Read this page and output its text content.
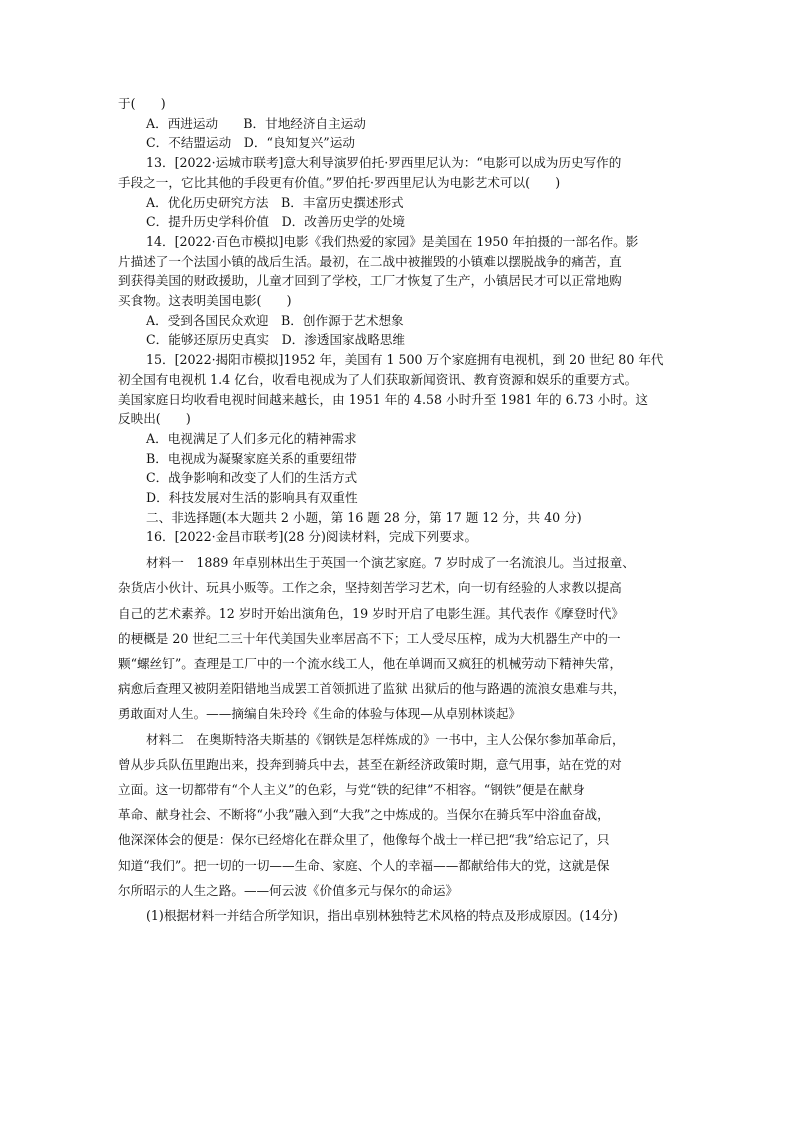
于(　　)
A．西进运动　　B．甘地经济自主运动
C．不结盟运动　D．“良知复兴”运动
13．[2022·运城市联考]意大利导演罗伯托·罗西里尼认为：“电影可以成为历史写作的
手段之一，它比其他的手段更有价值。”罗伯托·罗西里尼认为电影艺术可以(　　)
A．优化历史研究方法　B．丰富历史撰述形式
C．提升历史学科价值　D．改善历史学的处境
14．[2022·百色市模拟]电影《我们热爱的家园》是美国在 1950 年拍摄的一部名作。影
片描述了一个法国小镇的战后生活。最初，在二战中被摧毁的小镇难以摆脱战争的痛苦，直
到获得美国的财政援助，儿童才回到了学校，工厂才恢复了生产，小镇居民才可以正常地购
买食物。这表明美国电影(　　)
A．受到各国民众欢迎　B．创作源于艺术想象
C．能够还原历史真实　D．渗透国家战略思维
15．[2022·揭阳市模拟]1952 年，美国有 1 500 万个家庭拥有电视机，到 20 世纪 80 年代
初全国有电视机 1.4 亿台，收看电视成为了人们获取新闻资讯、教育资源和娱乐的重要方式。
美国家庭日均收看电视时间越来越长，由 1951 年的 4.58 小时升至 1981 年的 6.73 小时。这
反映出(　　)
A．电视满足了人们多元化的精神需求
B．电视成为凝聚家庭关系的重要纽带
C．战争影响和改变了人们的生活方式
D．科技发展对生活的影响具有双重性
二、非选择题(本大题共 2 小题，第 16 题 28 分，第 17 题 12 分，共 40 分)
16．[2022·金昌市联考](28 分)阅读材料，完成下列要求。
材料一　1889 年卓别林出生于英国一个演艺家庭。7 岁时成了一名流浪儿。当过报童、
杂货店小伙计、玩具小贩等。工作之余，坚持刻苦学习艺术，向一切有经验的人求教以提高
自己的艺术素养。12 岁时开始出演角色，19 岁时开启了电影生涯。其代表作《摩登时代》
的梗概是 20 世纪二三十年代美国失业率居高不下；工人受尽压榨，成为大机器生产中的一
颗“螺丝钉”。查理是工厂中的一个流水线工人，他在单调而又疯狂的机械劳动下精神失常，
病愈后查理又被阴差阳错地当成罢工首领抓进了监狱 出狱后的他与路遇的流浪女患难与共，
勇敢面对人生。——摘编自朱玲玲《生命的体验与体现—从卓别林谈起》
材料二　在奥斯特洛夫斯基的《钢铁是怎样炼成的》一书中，主人公保尔参加革命后，
曾从步兵队伍里跑出来，投奔到骑兵中去，甚至在新经济政策时期，意气用事，站在党的对
立面。这一切都带有“个人主义”的色彩，与党“铁的纪律”不相容。“钢铁”便是在献身
革命、献身社会、不断将“小我”融入到“大我”之中炼成的。当保尔在骑兵军中浴血奋战，
他深深体会的便是：保尔已经熔化在群众里了，他像每个战士一样已把“我”给忘记了，只
知道“我们”。把一切的一切——生命、家庭、个人的幸福——都献给伟大的党，这就是保
尔所昭示的人生之路。——何云波《价值多元与保尔的命运》
(1)根据材料一并结合所学知识，指出卓别林独特艺术风格的特点及形成原因。(14分)
